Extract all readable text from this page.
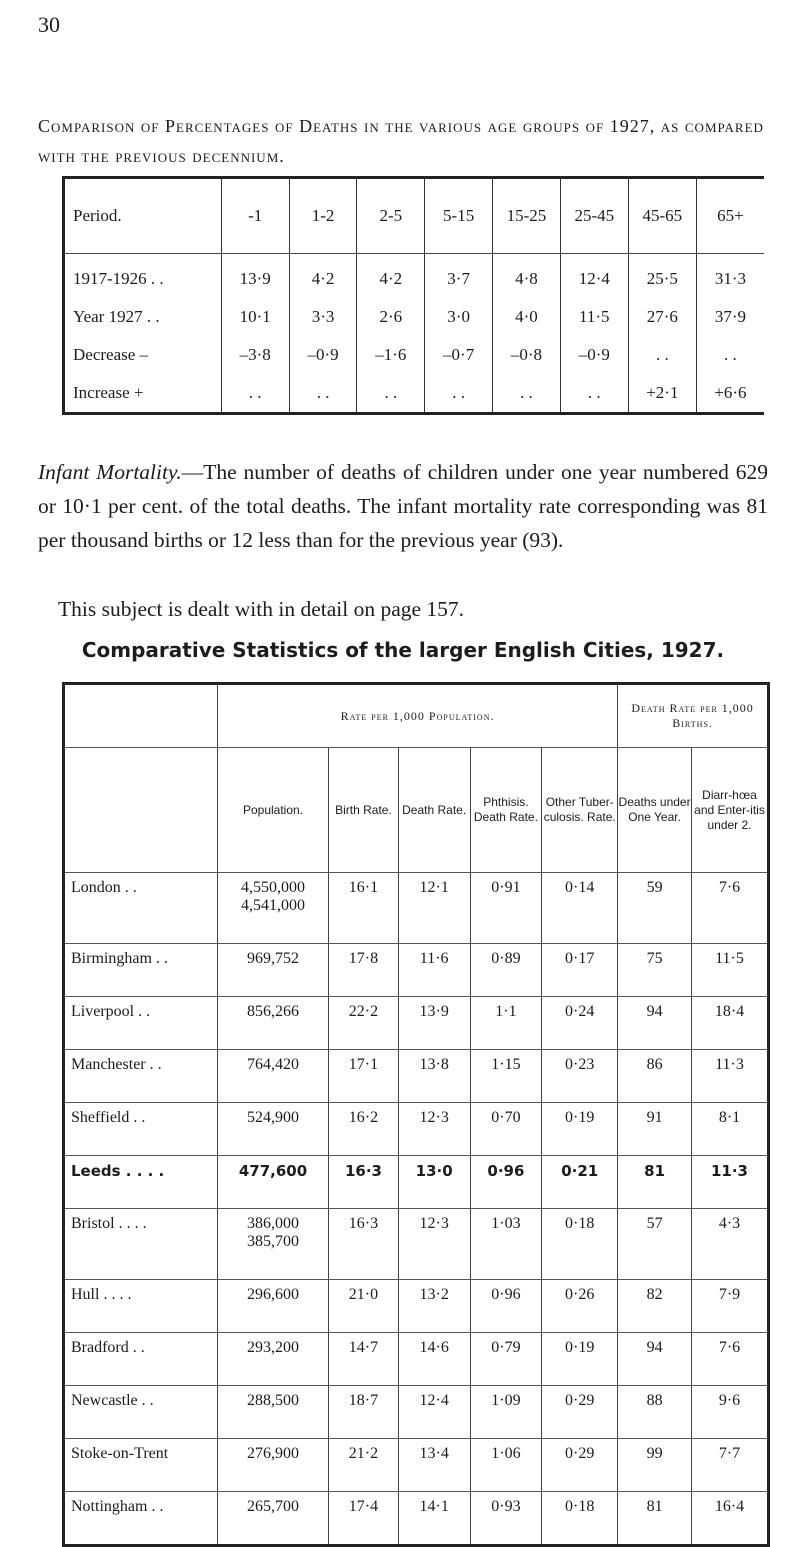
30
Comparison of Percentages of Deaths in the various age groups of 1927, as compared with the previous decennium.
Period.	-1	1-2	2-5	5-15	15-25	25-45	45-65	65+
1917-1926 . .	13·9	4·2	4·2	3·7	4·8	12·4	25·5	31·3
Year 1927 . .	10·1	3·3	2·6	3·0	4·0	11·5	27·6	37·9
Decrease –	–3·8	–0·9	–1·6	–0·7	–0·8	–0·9	. .	. .
Increase +	. .	. .	. .	. .	. .	. .	+2·1	+6·6
Infant Mortality.—The number of deaths of children under one year numbered 629 or 10·1 per cent. of the total deaths. The infant mortality rate corresponding was 81 per thousand births or 12 less than for the previous year (93).
This subject is dealt with in detail on page 157.
Comparative Statistics of the larger English Cities, 1927.
	Rate per 1,000 Population.					Death Rate per 1,000 Births.	
	Population.	Birth Rate.	Death Rate.	Phthisis. Death Rate.	Other Tuber-culosis. Rate.	Deaths under One Year.	Diarr-hœa and Enter-itis under 2.
London . .	4,550,000
4,541,000	16·1	12·1	0·91	0·14	59	7·6
Birmingham . .	969,752	17·8	11·6	0·89	0·17	75	11·5
Liverpool . .	856,266	22·2	13·9	1·1	0·24	94	18·4
Manchester . .	764,420	17·1	13·8	1·15	0·23	86	11·3
Sheffield . .	524,900	16·2	12·3	0·70	0·19	91	8·1
Leeds . . . .	477,600	16·3	13·0	0·96	0·21	81	11·3
Bristol . . . .	386,000
385,700	16·3	12·3	1·03	0·18	57	4·3
Hull . . . .	296,600	21·0	13·2	0·96	0·26	82	7·9
Bradford . .	293,200	14·7	14·6	0·79	0·19	94	7·6
Newcastle . .	288,500	18·7	12·4	1·09	0·29	88	9·6
Stoke-on-Trent	276,900	21·2	13·4	1·06	0·29	99	7·7
Nottingham . .	265,700	17·4	14·1	0·93	0·18	81	16·4
